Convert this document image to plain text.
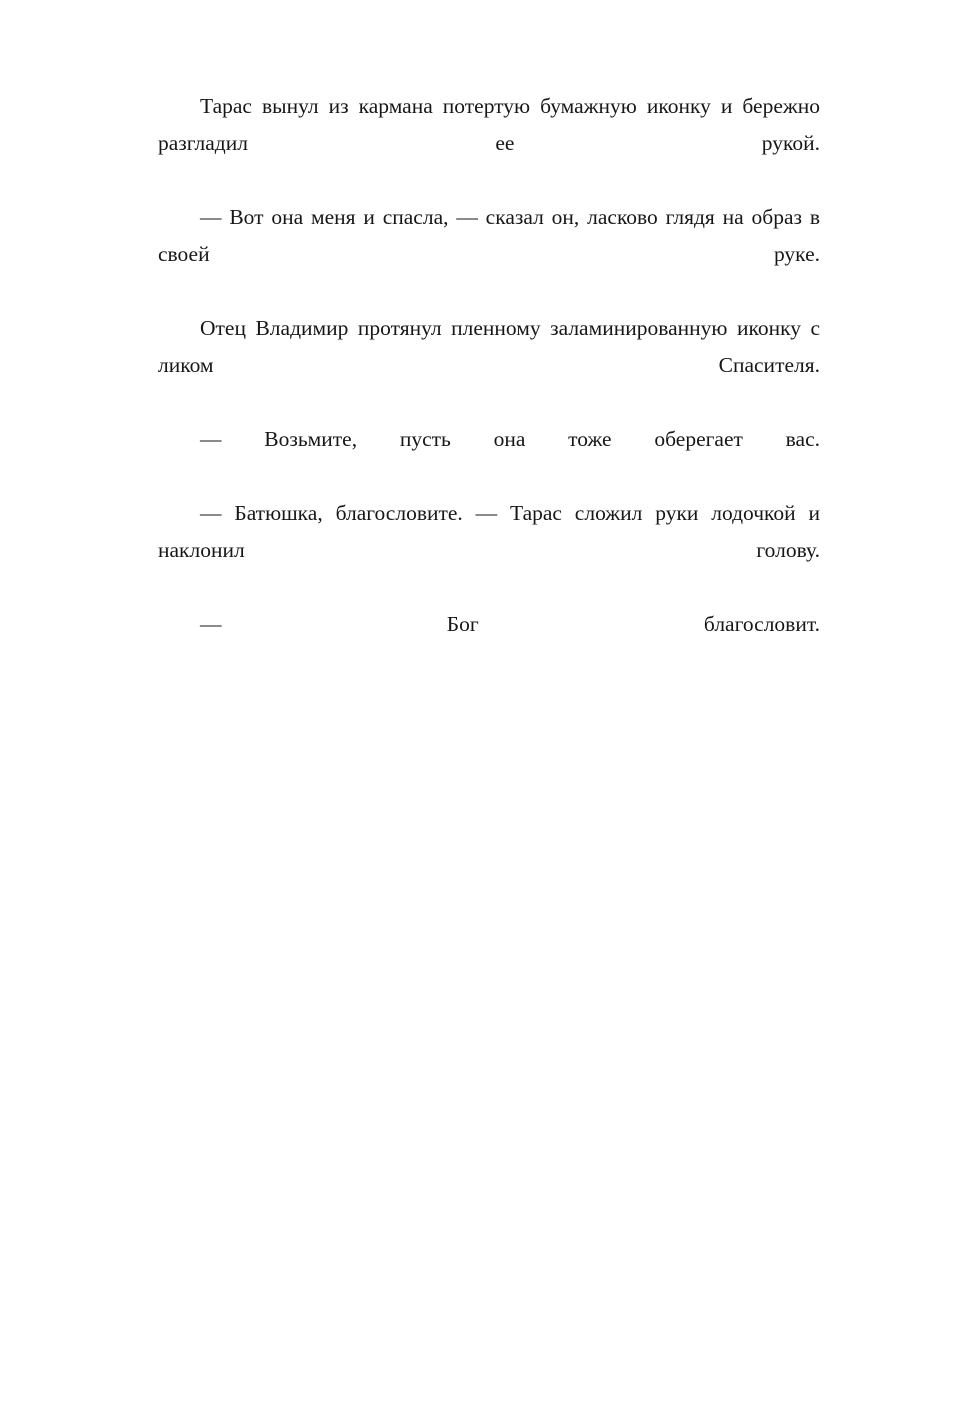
Тарас вынул из кармана потертую бумажную иконку и бережно разгладил ее рукой.

— Вот она меня и спасла, — сказал он, ласково глядя на образ в своей руке.

Отец Владимир протянул пленному заламинированную иконку с ликом Спасителя.

— Возьмите, пусть она тоже оберегает вас.

— Батюшка, благословите. — Тарас сложил руки лодочкой и наклонил голову.

— Бог благословит.
